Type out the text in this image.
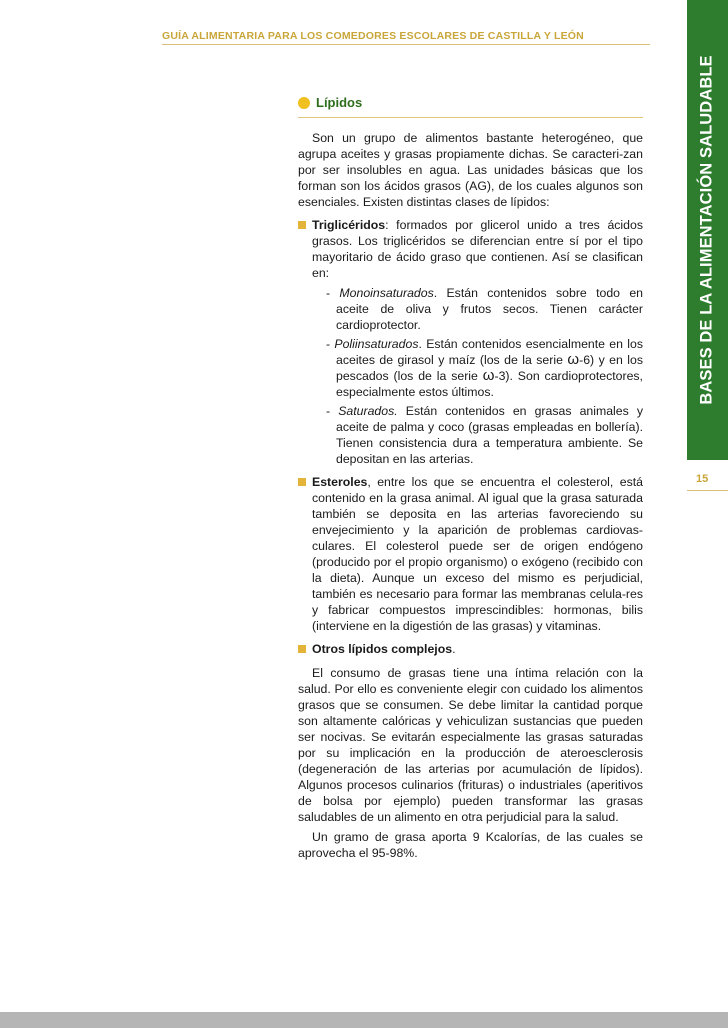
GUÍA ALIMENTARIA PARA LOS COMEDORES ESCOLARES DE CASTILLA Y LEÓN
BASES DE LA ALIMENTACIÓN SALUDABLE
15
Lípidos

Son un grupo de alimentos bastante heterogéneo, que agrupa aceites y grasas propiamente dichas. Se caracteri-zan por ser insolubles en agua. Las unidades básicas que los forman son los ácidos grasos (AG), de los cuales algunos son esenciales. Existen distintas clases de lípidos:

Triglicéridos: formados por glicerol unido a tres ácidos grasos. Los triglicéridos se diferencian entre sí por el tipo mayoritario de ácido graso que contienen. Así se clasifican en:
- Monoinsaturados. Están contenidos sobre todo en aceite de oliva y frutos secos. Tienen carácter cardioprotector.
- Poliinsaturados. Están contenidos esencialmente en los aceites de girasol y maíz (los de la serie ω-6) y en los pescados (los de la serie ω-3). Son cardioprotectores, especialmente estos últimos.
- Saturados. Están contenidos en grasas animales y aceite de palma y coco (grasas empleadas en bollería). Tienen consistencia dura a temperatura ambiente. Se depositan en las arterias.
Esteroles, entre los que se encuentra el colesterol, está contenido en la grasa animal. Al igual que la grasa saturada también se deposita en las arterias favoreciendo su envejecimiento y la aparición de problemas cardiovas-culares. El colesterol puede ser de origen endógeno (producido por el propio organismo) o exógeno (recibido con la dieta). Aunque un exceso del mismo es perjudicial, también es necesario para formar las membranas celula-res y fabricar compuestos imprescindibles: hormonas, bilis (interviene en la digestión de las grasas) y vitaminas.
Otros lípidos complejos.

El consumo de grasas tiene una íntima relación con la salud. Por ello es conveniente elegir con cuidado los alimentos grasos que se consumen. Se debe limitar la cantidad porque son altamente calóricas y vehiculizan sustancias que pueden ser nocivas. Se evitarán especialmente las grasas saturadas por su implicación en la producción de ateroesclerosis (degeneración de las arterias por acumulación de lípidos). Algunos procesos culinarios (frituras) o industriales (aperitivos de bolsa por ejemplo) pueden transformar las grasas saludables de un alimento en otra perjudicial para la salud.

Un gramo de grasa aporta 9 Kcalorías, de las cuales se aprovecha el 95-98%.
